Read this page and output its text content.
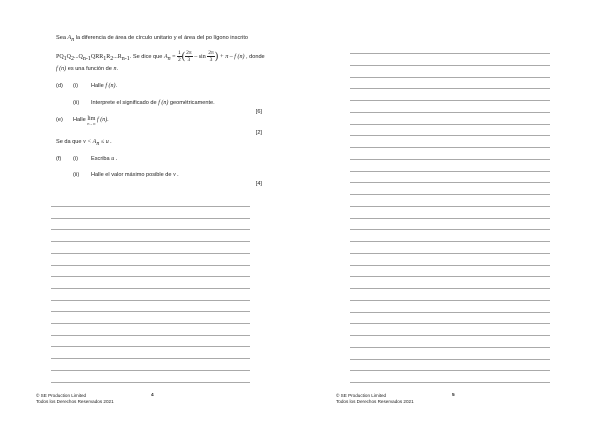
Sea $A_n$ la diferencia de área de círculo unitario y el área del po lígono inscrito
$PQ_1Q_2...Q_{n-1}QRR_1R_2...R_{n-1}$. Se dice que $A_n = \frac{1}{2}$ ( $\frac{2\pi}{3}$ – $\sin \frac{2\pi}{3}$ ) + π – f (n) , donde
f (n) es una función de n.
(d) (i) Halle f (n).
(ii) Interprete el significado de f (n) geométricamente.
[6]
(e) Halle lim
n→∞ f (n).
[2]
Se da que $v < A_n \le u$ .
(f) (i) Escriba u .
(ii) Halle el valor máximo posible de v .
[4]
© SE Production Limited
Todos los Derechos Reservados 2021
4	© SE Production Limited
Todos los Derechos Reservados 2021
5
